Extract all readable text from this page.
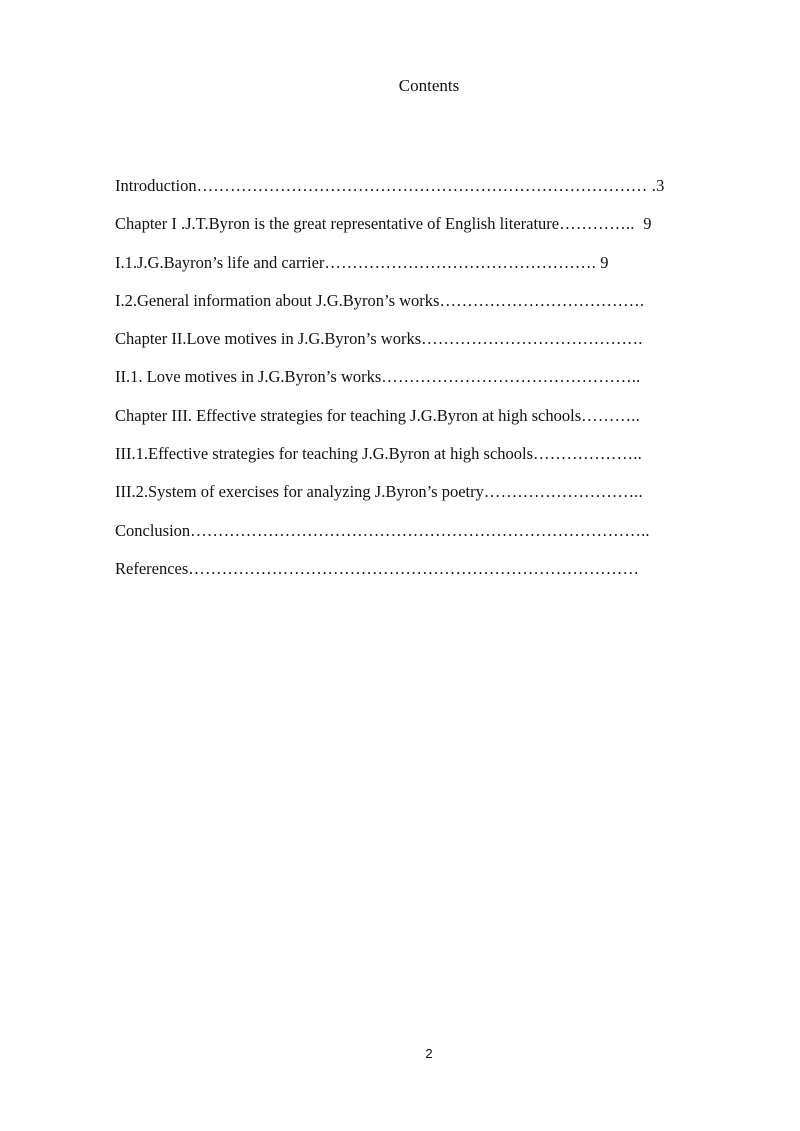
Contents
Introduction……………………………………………………………………… .3
Chapter I .J.T.Byron is the great representative of English literature…………..  9
I.1.J.G.Bayron’s life and carrier…………………………………………. 9
I.2.General information about J.G.Byron’s works……………………………….
Chapter II.Love motives in J.G.Byron’s works………………………………….
II.1. Love motives in J.G.Byron’s works………………………………………..
Chapter III. Effective strategies for teaching J.G.Byron at high schools………..
III.1.Effective strategies for teaching J.G.Byron at high schools………………..
III.2.System of exercises for analyzing J.Byron’s poetry………………………..
Conclusion………………………………………………………………………..
References………………………………………………………………………
2
